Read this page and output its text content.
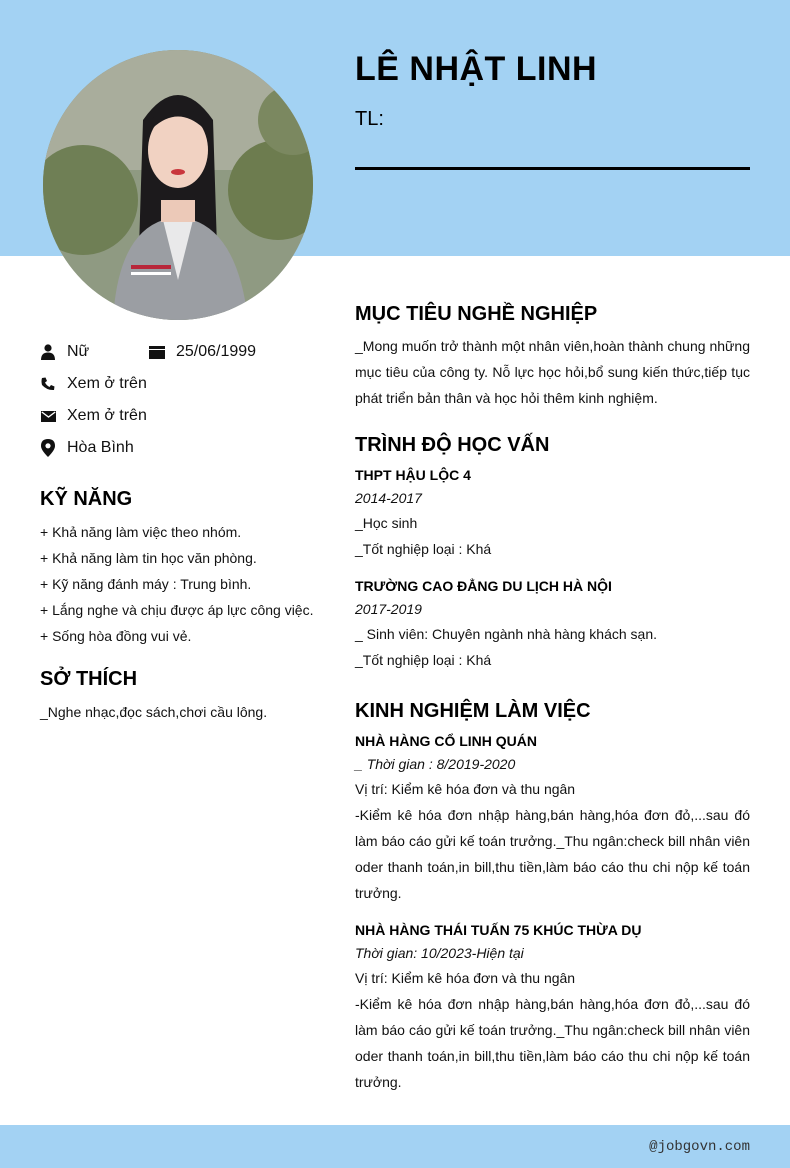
LÊ NHẬT LINH
TL:
Nữ	25/06/1999
Xem ở trên
Xem ở trên
Hòa Bình
KỸ NĂNG
+ Khả năng làm việc theo nhóm.
+ Khả năng làm tin học văn phòng.
+ Kỹ năng đánh máy : Trung bình.
+ Lắng nghe và chịu được áp lực công việc.
+ Sống hòa đồng vui vẻ.
SỞ THÍCH
_Nghe nhạc,đọc sách,chơi cầu lông.
MỤC TIÊU NGHỀ NGHIỆP
_Mong muốn trở thành một nhân viên,hoàn thành chung những mục tiêu của công ty. Nỗ lực học hỏi,bổ sung kiến thức,tiếp tục phát triển bản thân và học hỏi thêm kinh nghiệm.
TRÌNH ĐỘ HỌC VẤN
THPT HẬU LỘC 4
2014-2017
_Học sinh
_Tốt nghiệp loại : Khá
TRƯỜNG CAO ĐẲNG DU LỊCH HÀ NỘI
2017-2019
_ Sinh viên: Chuyên ngành nhà hàng khách sạn.
_Tốt nghiệp loại : Khá
KINH NGHIỆM LÀM VIỆC
NHÀ HÀNG CỔ LINH QUÁN
_ Thời gian : 8/2019-2020
Vị trí: Kiểm kê hóa đơn và thu ngân
-Kiểm kê hóa đơn nhập hàng,bán hàng,hóa đơn đỏ,...sau đó làm báo cáo gửi kế toán trưởng._Thu ngân:check bill nhân viên oder thanh toán,in bill,thu tiền,làm báo cáo thu chi nộp kế toán trưởng.
NHÀ HÀNG THÁI TUẤN 75 KHÚC THỪA DỤ
Thời gian: 10/2023-Hiện tại
Vị trí: Kiểm kê hóa đơn và thu ngân
-Kiểm kê hóa đơn nhập hàng,bán hàng,hóa đơn đỏ,...sau đó làm báo cáo gửi kế toán trưởng._Thu ngân:check bill nhân viên oder thanh toán,in bill,thu tiền,làm báo cáo thu chi nộp kế toán trưởng.
@jobgovn.com
